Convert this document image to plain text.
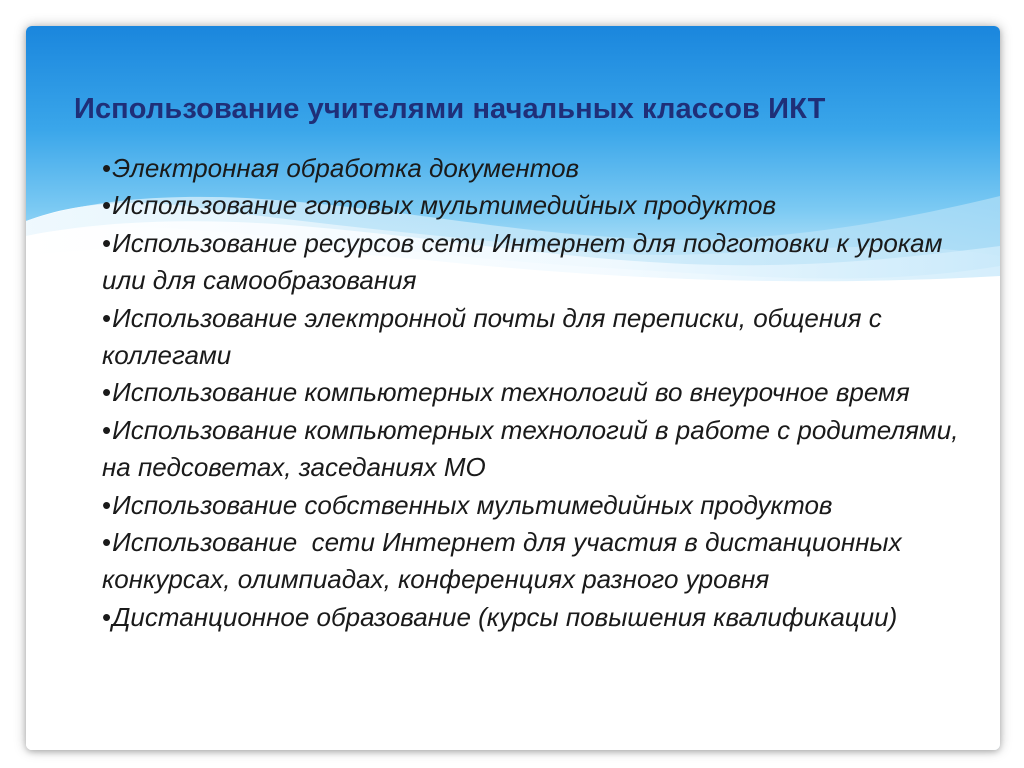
Использование учителями начальных классов ИКТ
•Электронная обработка документов
•Использование готовых мультимедийных продуктов
•Использование ресурсов сети Интернет для подготовки к урокам или для самообразования
•Использование электронной почты для переписки, общения с коллегами
•Использование компьютерных технологий во внеурочное время
•Использование компьютерных технологий в работе с родителями, на педсоветах, заседаниях МО
•Использование собственных мультимедийных продуктов
•Использование  сети Интернет для участия в дистанционных конкурсах, олимпиадах, конференциях разного уровня
•Дистанционное образование (курсы повышения квалификации)
